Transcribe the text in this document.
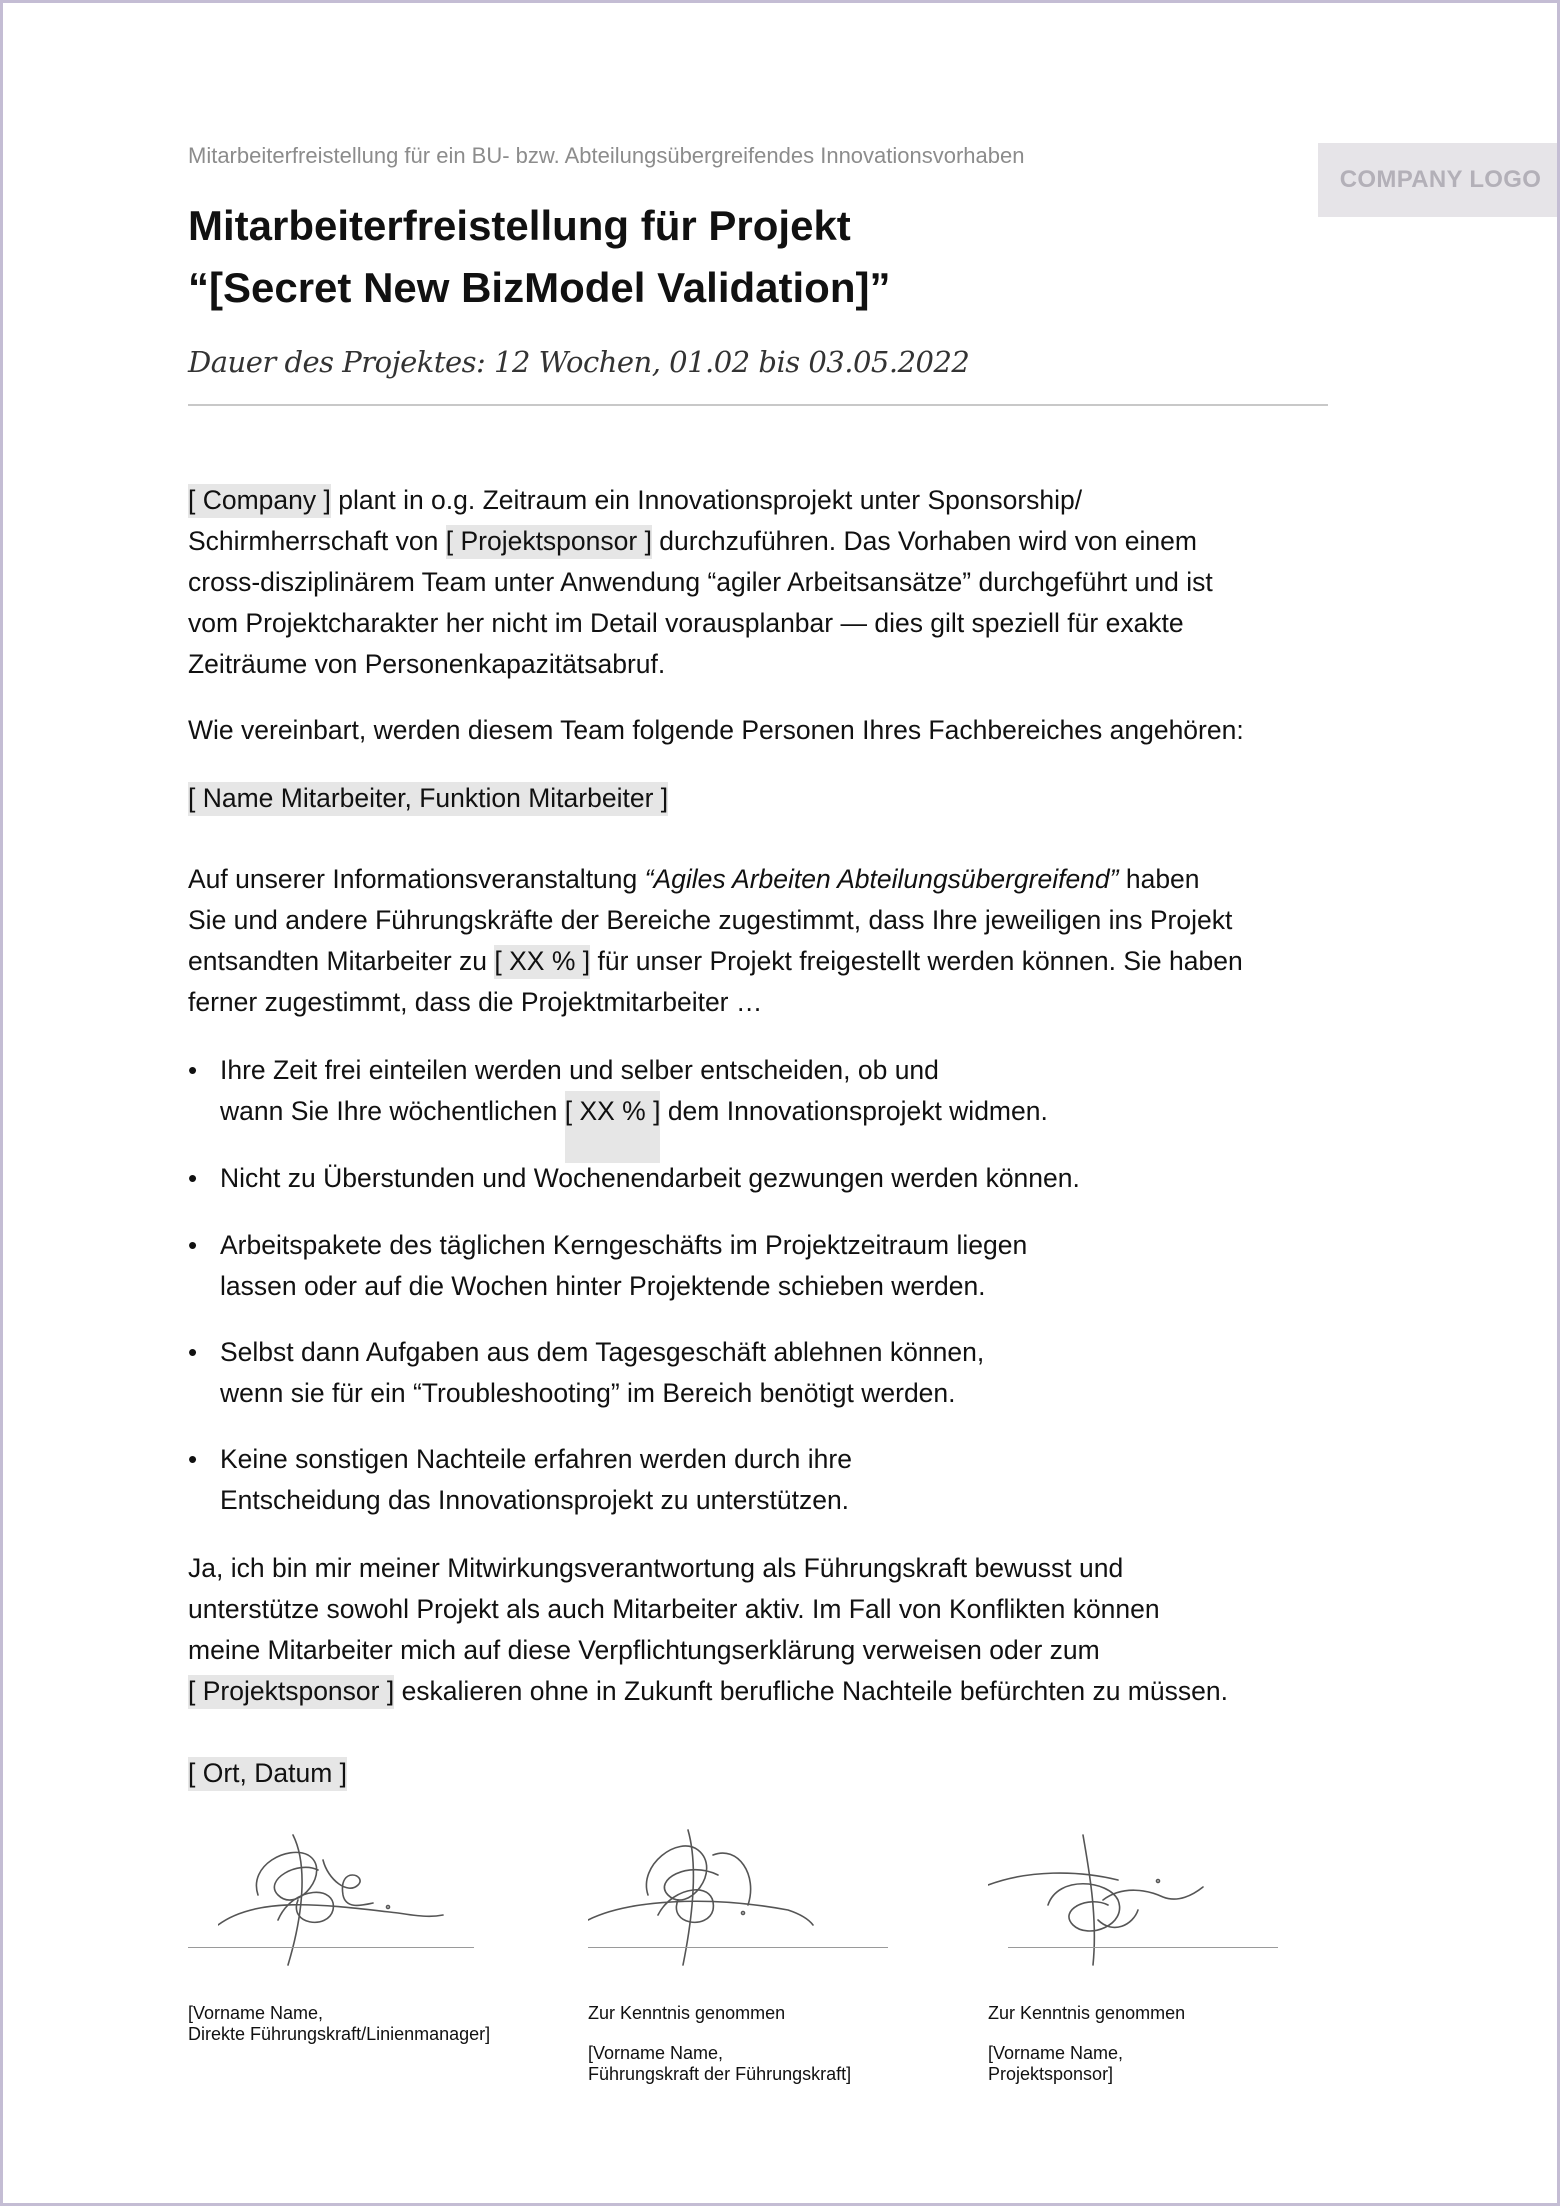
COMPANY LOGO
Mitarbeiterfreistellung für ein BU- bzw. Abteilungsübergreifendes Innovationsvorhaben
Mitarbeiterfreistellung für Projekt
“[Secret New BizModel Validation]”
Dauer des Projektes: 12 Wochen, 01.02 bis 03.05.2022
[ Company ] plant in o.g. Zeitraum ein Innovationsprojekt unter Sponsorship/
Schirmherrschaft von [ Projektsponsor ] durchzuführen. Das Vorhaben wird von einem
cross-disziplinärem Team unter Anwendung “agiler Arbeitsansätze” durchgeführt und ist
vom Projektcharakter her nicht im Detail vorausplanbar — dies gilt speziell für exakte
Zeiträume von Personenkapazitätsabruf.
Wie vereinbart, werden diesem Team folgende Personen Ihres Fachbereiches angehören:
[ Name Mitarbeiter, Funktion Mitarbeiter ]
Auf unserer Informationsveranstaltung “Agiles Arbeiten Abteilungsübergreifend” haben
Sie und andere Führungskräfte der Bereiche zugestimmt, dass Ihre jeweiligen ins Projekt
entsandten Mitarbeiter zu [ XX % ] für unser Projekt freigestellt werden können. Sie haben
ferner zugestimmt, dass die Projektmitarbeiter …
• Ihre Zeit frei einteilen werden und selber entscheiden, ob und
wann Sie Ihre wöchentlichen [ XX % ] dem Innovationsprojekt widmen.
• Nicht zu Überstunden und Wochenendarbeit gezwungen werden können.
• Arbeitspakete des täglichen Kerngeschäfts im Projektzeitraum liegen
lassen oder auf die Wochen hinter Projektende schieben werden.
• Selbst dann Aufgaben aus dem Tagesgeschäft ablehnen können,
wenn sie für ein “Troubleshooting” im Bereich benötigt werden.
• Keine sonstigen Nachteile erfahren werden durch ihre
Entscheidung das Innovationsprojekt zu unterstützen.
Ja, ich bin mir meiner Mitwirkungsverantwortung als Führungskraft bewusst und
unterstütze sowohl Projekt als auch Mitarbeiter aktiv. Im Fall von Konflikten können
meine Mitarbeiter mich auf diese Verpflichtungserklärung verweisen oder zum
[ Projektsponsor ] eskalieren ohne in Zukunft berufliche Nachteile befürchten zu müssen.
[ Ort, Datum ]
[Vorname Name,
Direkte Führungskraft/Linienmanager]
Zur Kenntnis genommen
[Vorname Name,
Führungskraft der Führungskraft]
Zur Kenntnis genommen
[Vorname Name,
Projektsponsor]
